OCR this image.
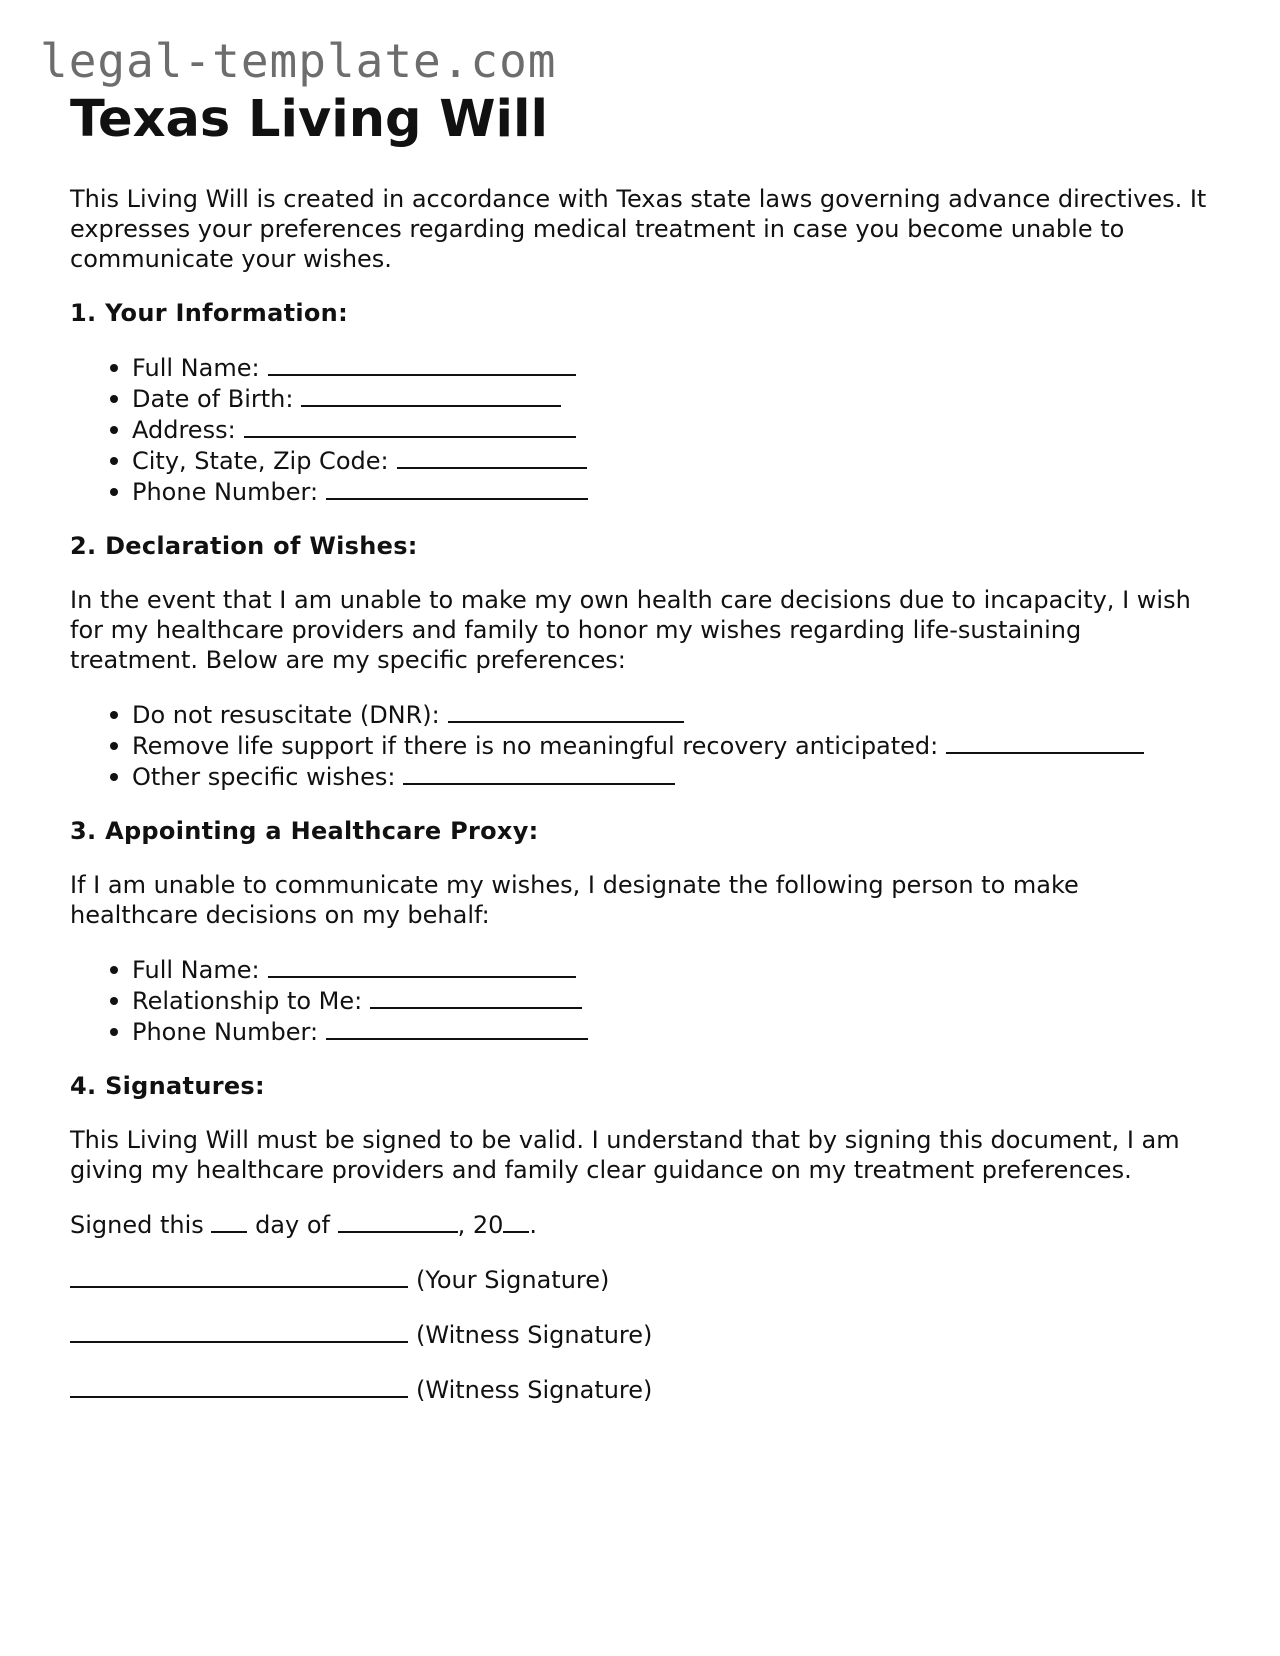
legal-template.com
Texas Living Will

This Living Will is created in accordance with Texas state laws governing advance directives. It expresses your preferences regarding medical treatment in case you become unable to communicate your wishes.

1. Your Information:
Full Name:
Date of Birth:
Address:
City, State, Zip Code:
Phone Number:
2. Declaration of Wishes:

In the event that I am unable to make my own health care decisions due to incapacity, I wish for my healthcare providers and family to honor my wishes regarding life-sustaining treatment. Below are my specific preferences:

Do not resuscitate (DNR):
Remove life support if there is no meaningful recovery anticipated:
Other specific wishes:
3. Appointing a Healthcare Proxy:

If I am unable to communicate my wishes, I designate the following person to make healthcare decisions on my behalf:

Full Name:
Relationship to Me:
Phone Number:
4. Signatures:

This Living Will must be signed to be valid. I understand that by signing this document, I am giving my healthcare providers and family clear guidance on my treatment preferences.

Signed this day of	, 20 .
(Your Signature)
(Witness Signature)
(Witness Signature)
